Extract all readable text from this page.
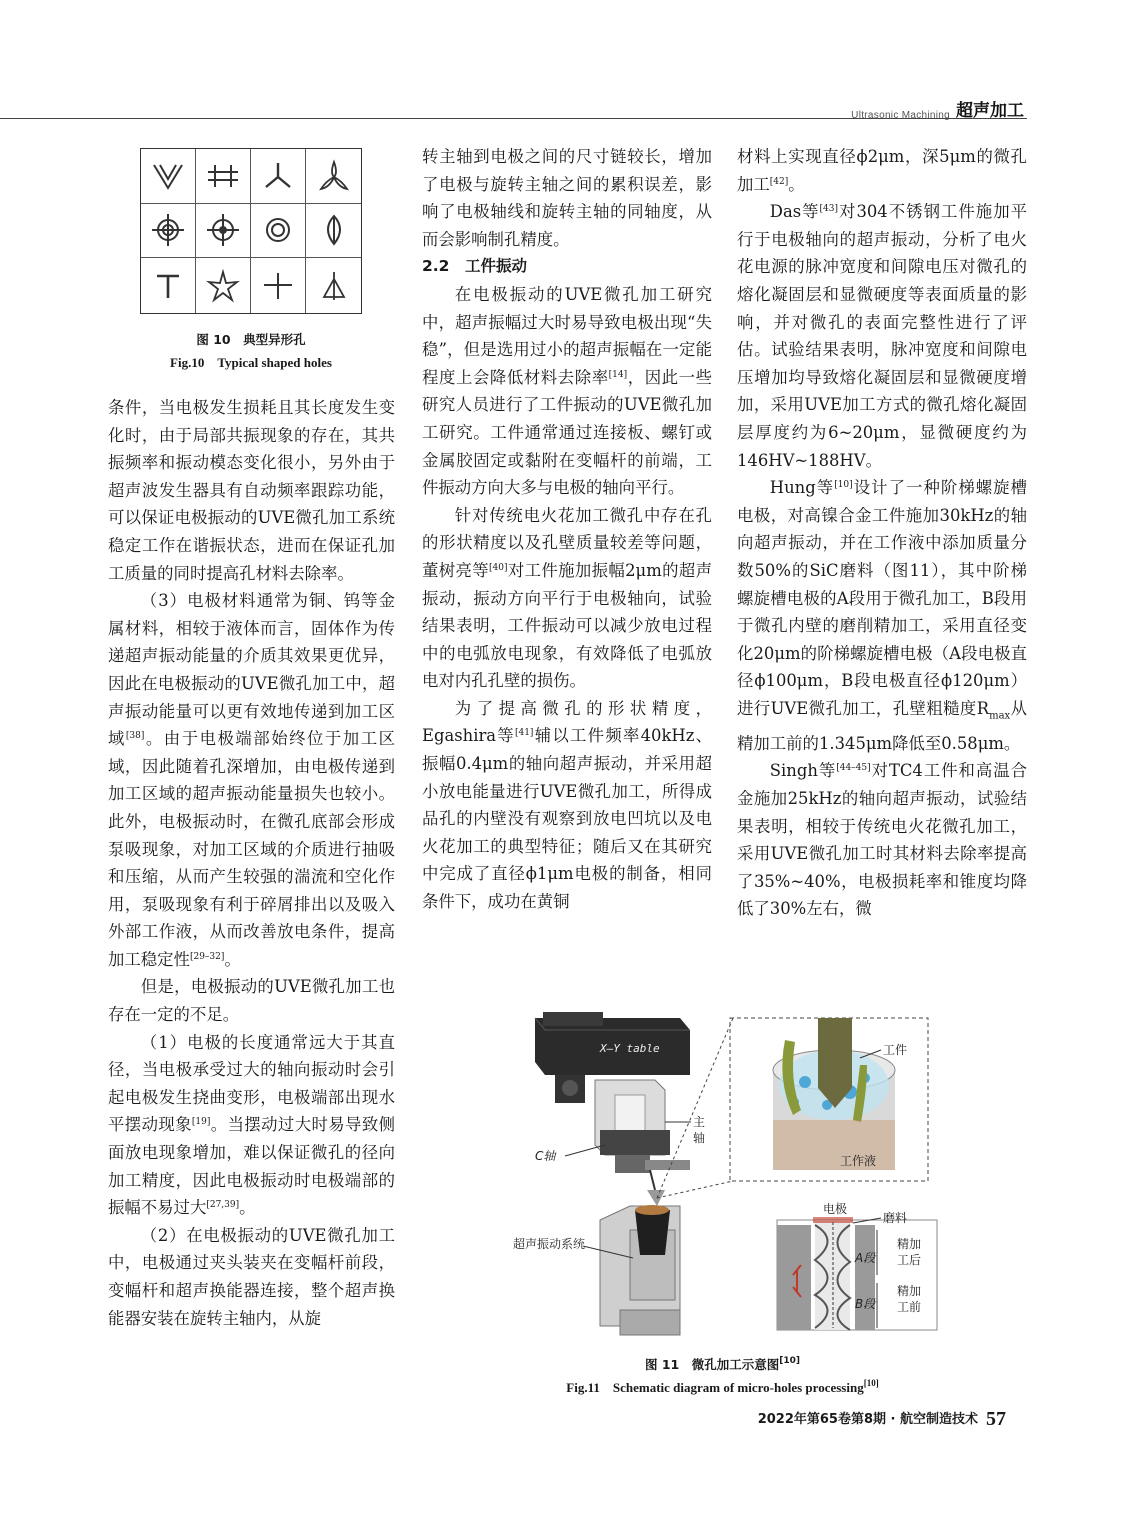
Ultrasonic Machining 超声加工
图 10　典型异形孔
Fig.10　Typical shaped holes

条件，当电极发生损耗且其长度发生变化时，由于局部共振现象的存在，其共振频率和振动模态变化很小，另外由于超声波发生器具有自动频率跟踪功能，可以保证电极振动的UVE微孔加工系统稳定工作在谐振状态，进而在保证孔加工质量的同时提高孔材料去除率。

（3）电极材料通常为铜、钨等金属材料，相较于液体而言，固体作为传递超声振动能量的介质其效果更优异，因此在电极振动的UVE微孔加工中，超声振动能量可以更有效地传递到加工区域[38]。由于电极端部始终位于加工区域，因此随着孔深增加，由电极传递到加工区域的超声振动能量损失也较小。此外，电极振动时，在微孔底部会形成泵吸现象，对加工区域的介质进行抽吸和压缩，从而产生较强的湍流和空化作用，泵吸现象有利于碎屑排出以及吸入外部工作液，从而改善放电条件，提高加工稳定性[29–32]。

但是，电极振动的UVE微孔加工也存在一定的不足。

（1）电极的长度通常远大于其直径，当电极承受过大的轴向振动时会引起电极发生挠曲变形，电极端部出现水平摆动现象[19]。当摆动过大时易导致侧面放电现象增加，难以保证微孔的径向加工精度，因此电极振动时电极端部的振幅不易过大[27,39]。

（2）在电极振动的UVE微孔加工中，电极通过夹头装夹在变幅杆前段，变幅杆和超声换能器连接，整个超声换能器安装在旋转主轴内，从旋

转主轴到电极之间的尺寸链较长，增加了电极与旋转主轴之间的累积误差，影响了电极轴线和旋转主轴的同轴度，从而会影响制孔精度。

2.2　工件振动

在电极振动的UVE微孔加工研究中，超声振幅过大时易导致电极出现“失稳”，但是选用过小的超声振幅在一定能程度上会降低材料去除率[14]，因此一些研究人员进行了工件振动的UVE微孔加工研究。工件通常通过连接板、螺钉或金属胶固定或黏附在变幅杆的前端，工件振动方向大多与电极的轴向平行。

针对传统电火花加工微孔中存在孔的形状精度以及孔壁质量较差等问题，董树亮等[40]对工件施加振幅2μm的超声振动，振动方向平行于电极轴向，试验结果表明，工件振动可以减少放电过程中的电弧放电现象，有效降低了电弧放电对内孔孔壁的损伤。

为了提高微孔的形状精度，Egashira等[41]辅以工件频率40kHz、振幅0.4μm的轴向超声振动，并采用超小放电能量进行UVE微孔加工，所得成品孔的内壁没有观察到放电凹坑以及电火花加工的典型特征；随后又在其研究中完成了直径ϕ1μm电极的制备，相同条件下，成功在黄铜

材料上实现直径ϕ2μm，深5μm的微孔加工[42]。

Das等[43]对304不锈钢工件施加平行于电极轴向的超声振动，分析了电火花电源的脉冲宽度和间隙电压对微孔的熔化凝固层和显微硬度等表面质量的影响，并对微孔的表面完整性进行了评估。试验结果表明，脉冲宽度和间隙电压增加均导致熔化凝固层和显微硬度增加，采用UVE加工方式的微孔熔化凝固层厚度约为6~20μm，显微硬度约为146HV~188HV。

Hung等[10]设计了一种阶梯螺旋槽电极，对高镍合金工件施加30kHz的轴向超声振动，并在工作液中添加质量分数50%的SiC磨料（图11），其中阶梯螺旋槽电极的A段用于微孔加工，B段用于微孔内壁的磨削精加工，采用直径变化20μm的阶梯螺旋槽电极（A段电极直径ϕ100μm，B段电极直径ϕ120μm）进行UVE微孔加工，孔壁粗糙度$R_{max}$从精加工前的1.345μm降低至0.58μm。

Singh等[44–45]对TC4工件和高温合金施加25kHz的轴向超声振动，试验结果表明，相较于传统电火花微孔加工，采用UVE微孔加工时其材料去除率提高了35%~40%，电极损耗率和锥度均降低了30%左右，微

X–Y table	工件
工作液
主
轴
C轴
超声振动系统
电极
磨料
A段
B段
精加
工后
精加
工前
图 11　微孔加工示意图[10]
Fig.11　Schematic diagram of micro-holes processing[10]
2022年第65卷第8期 · 航空制造技术 57
